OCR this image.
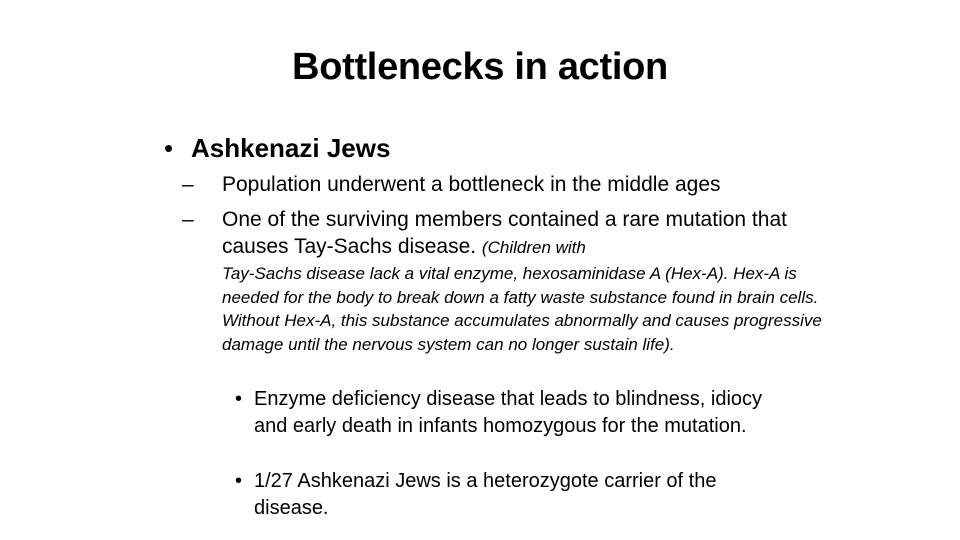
Bottlenecks in action
• Ashkenazi Jews
– Population underwent a bottleneck in the middle ages
– One of the surviving members contained a rare mutation that causes Tay-Sachs disease. (Children with
Tay-Sachs disease lack a vital enzyme, hexosaminidase A (Hex-A). Hex-A is needed for the body to break down a fatty waste substance found in brain cells. Without Hex-A, this substance accumulates abnormally and causes progressive damage until the nervous system can no longer sustain life).
• Enzyme deficiency disease that leads to blindness, idiocy and early death in infants homozygous for the mutation.
• 1/27 Ashkenazi Jews is a heterozygote carrier of the disease.
